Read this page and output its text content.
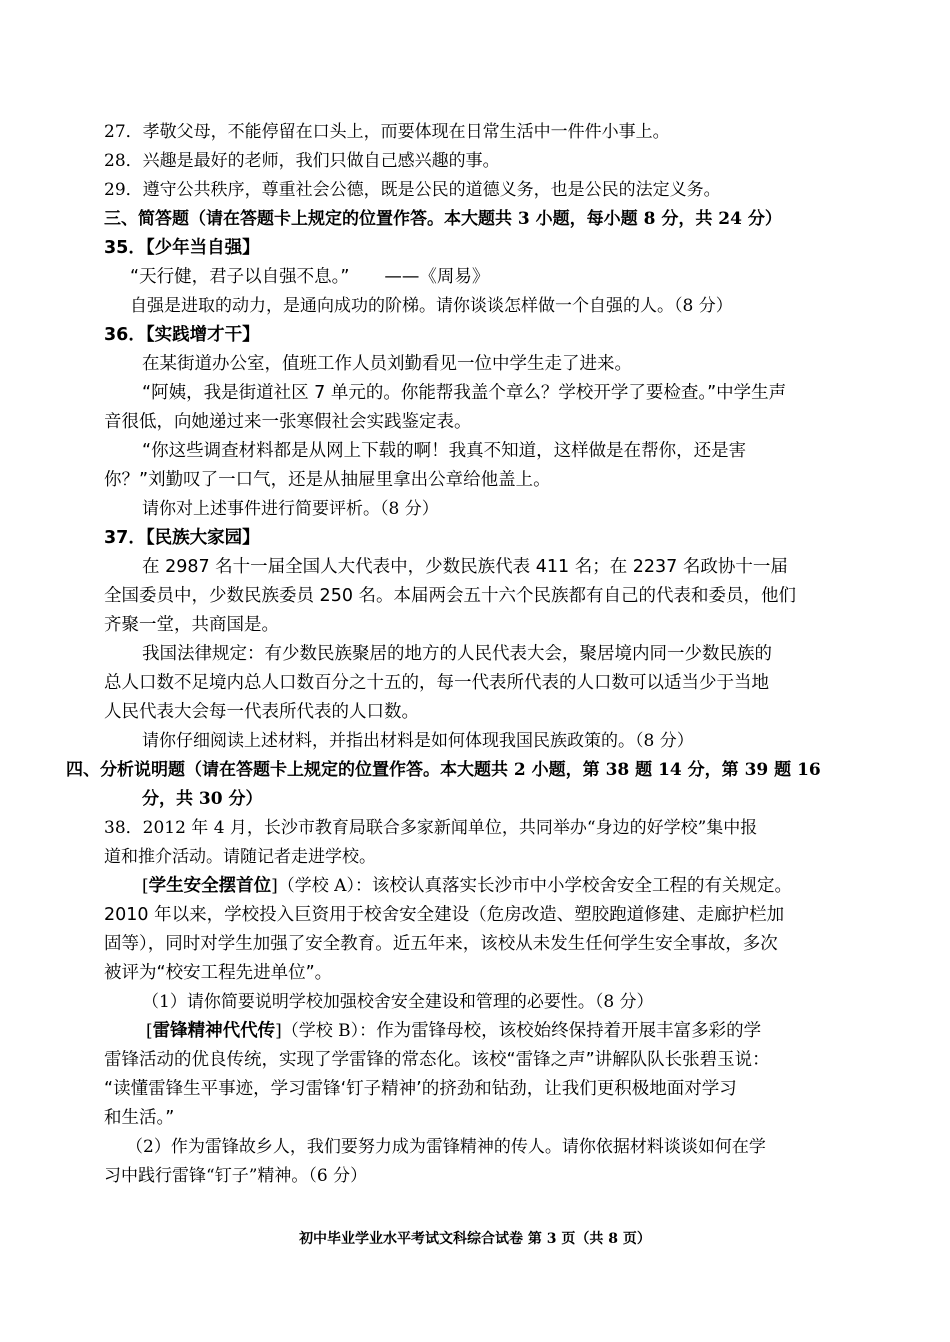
27．孝敬父母，不能停留在口头上，而要体现在日常生活中一件件小事上。
28．兴趣是最好的老师，我们只做自己感兴趣的事。
29．遵守公共秩序，尊重社会公德，既是公民的道德义务，也是公民的法定义务。
三、简答题（请在答题卡上规定的位置作答。本大题共 3 小题，每小题 8 分，共 24 分）
35．【少年当自强】
“天行健，君子以自强不息。”　　——《周易》
自强是进取的动力，是通向成功的阶梯。请你谈谈怎样做一个自强的人。（8 分）
36．【实践增才干】
在某街道办公室，值班工作人员刘勤看见一位中学生走了进来。
“阿姨，我是街道社区 7 单元的。你能帮我盖个章么？学校开学了要检查。”中学生声
音很低，向她递过来一张寒假社会实践鉴定表。
“你这些调查材料都是从网上下载的啊！我真不知道，这样做是在帮你，还是害
你？”刘勤叹了一口气，还是从抽屉里拿出公章给他盖上。
请你对上述事件进行简要评析。（8 分）
37．【民族大家园】
在 2987 名十一届全国人大代表中，少数民族代表 411 名；在 2237 名政协十一届
全国委员中，少数民族委员 250 名。本届两会五十六个民族都有自己的代表和委员，他们
齐聚一堂，共商国是。
我国法律规定：有少数民族聚居的地方的人民代表大会，聚居境内同一少数民族的
总人口数不足境内总人口数百分之十五的，每一代表所代表的人口数可以适当少于当地
人民代表大会每一代表所代表的人口数。
请你仔细阅读上述材料，并指出材料是如何体现我国民族政策的。（8 分）
四、分析说明题（请在答题卡上规定的位置作答。本大题共 2 小题，第 38 题 14 分，第 39 题 16
分，共 30 分）
38．2012 年 4 月，长沙市教育局联合多家新闻单位，共同举办“身边的好学校”集中报
道和推介活动。请随记者走进学校。
[学生安全摆首位]（学校 A）：该校认真落实长沙市中小学校舍安全工程的有关规定。
2010 年以来，学校投入巨资用于校舍安全建设（危房改造、塑胶跑道修建、走廊护栏加
固等），同时对学生加强了安全教育。近五年来，该校从未发生任何学生安全事故，多次
被评为“校安工程先进单位”。
（1）请你简要说明学校加强校舍安全建设和管理的必要性。（8 分）
[雷锋精神代代传]（学校 B）：作为雷锋母校，该校始终保持着开展丰富多彩的学
雷锋活动的优良传统，实现了学雷锋的常态化。该校“雷锋之声”讲解队队长张碧玉说：
“读懂雷锋生平事迹，学习雷锋‘钉子精神’的挤劲和钻劲，让我们更积极地面对学习
和生活。”
（2）作为雷锋故乡人，我们要努力成为雷锋精神的传人。请你依据材料谈谈如何在学
习中践行雷锋“钉子”精神。（6 分）
初中毕业学业水平考试文科综合试卷 第 3 页（共 8 页）
